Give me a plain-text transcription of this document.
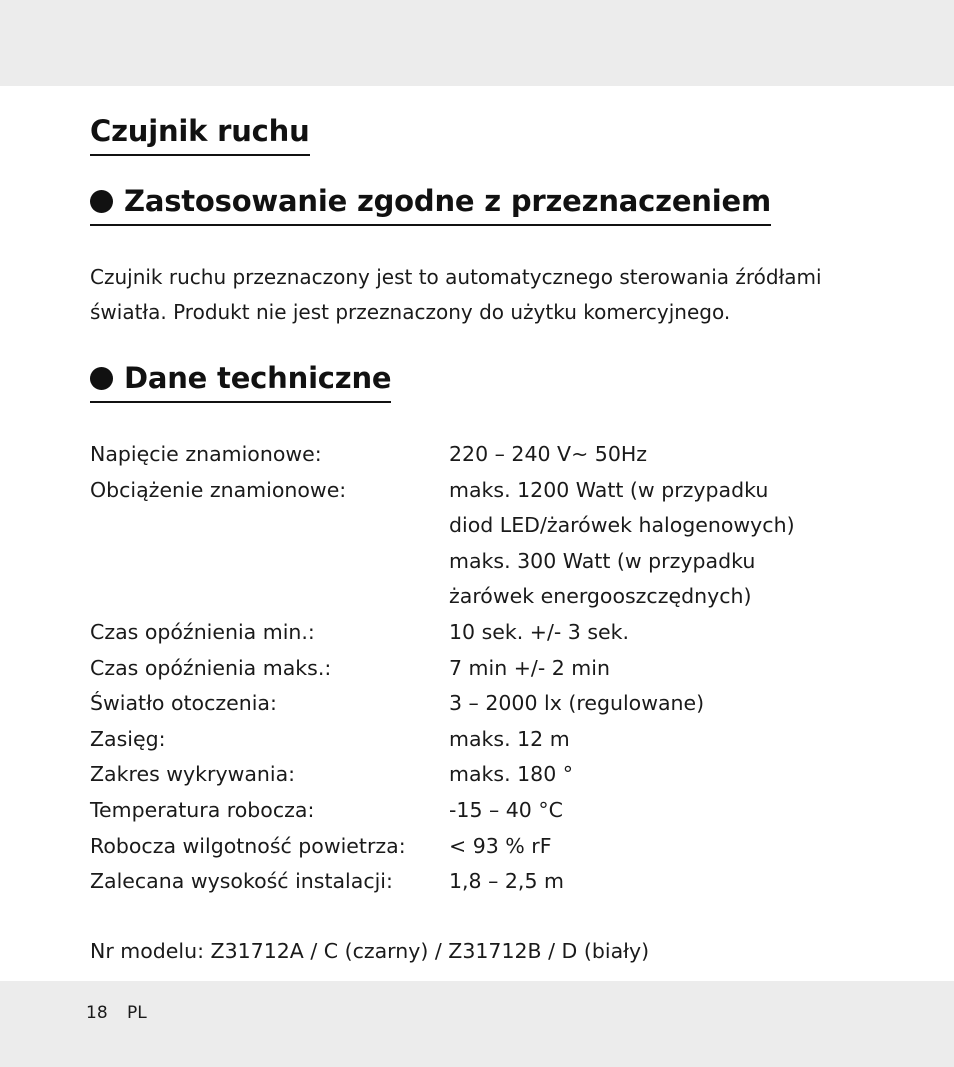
Czujnik ruchu
Zastosowanie zgodne z przeznaczeniem
Czujnik ruchu przeznaczony jest to automatycznego sterowania źródłami
światła. Produkt nie jest przeznaczony do użytku komercyjnego.
Dane techniczne
Napięcie znamionowe:	220 – 240 V~ 50Hz
Obciążenie znamionowe:	maks. 1200 Watt (w przypadku
	diod LED/żarówek halogenowych)
	maks. 300 Watt (w przypadku
	żarówek energooszczędnych)
Czas opóźnienia min.:	10 sek. +/- 3 sek.
Czas opóźnienia maks.:	7 min +/- 2 min
Światło otoczenia:	3 – 2000 lx (regulowane)
Zasięg:	maks. 12 m
Zakres wykrywania:	maks. 180 °
Temperatura robocza:	-15 – 40 °C
Robocza wilgotność powietrza:	< 93 % rF
Zalecana wysokość instalacji:	1,8 – 2,5 m
Nr modelu: Z31712A / C (czarny) / Z31712B / D (biały)
18 PL
